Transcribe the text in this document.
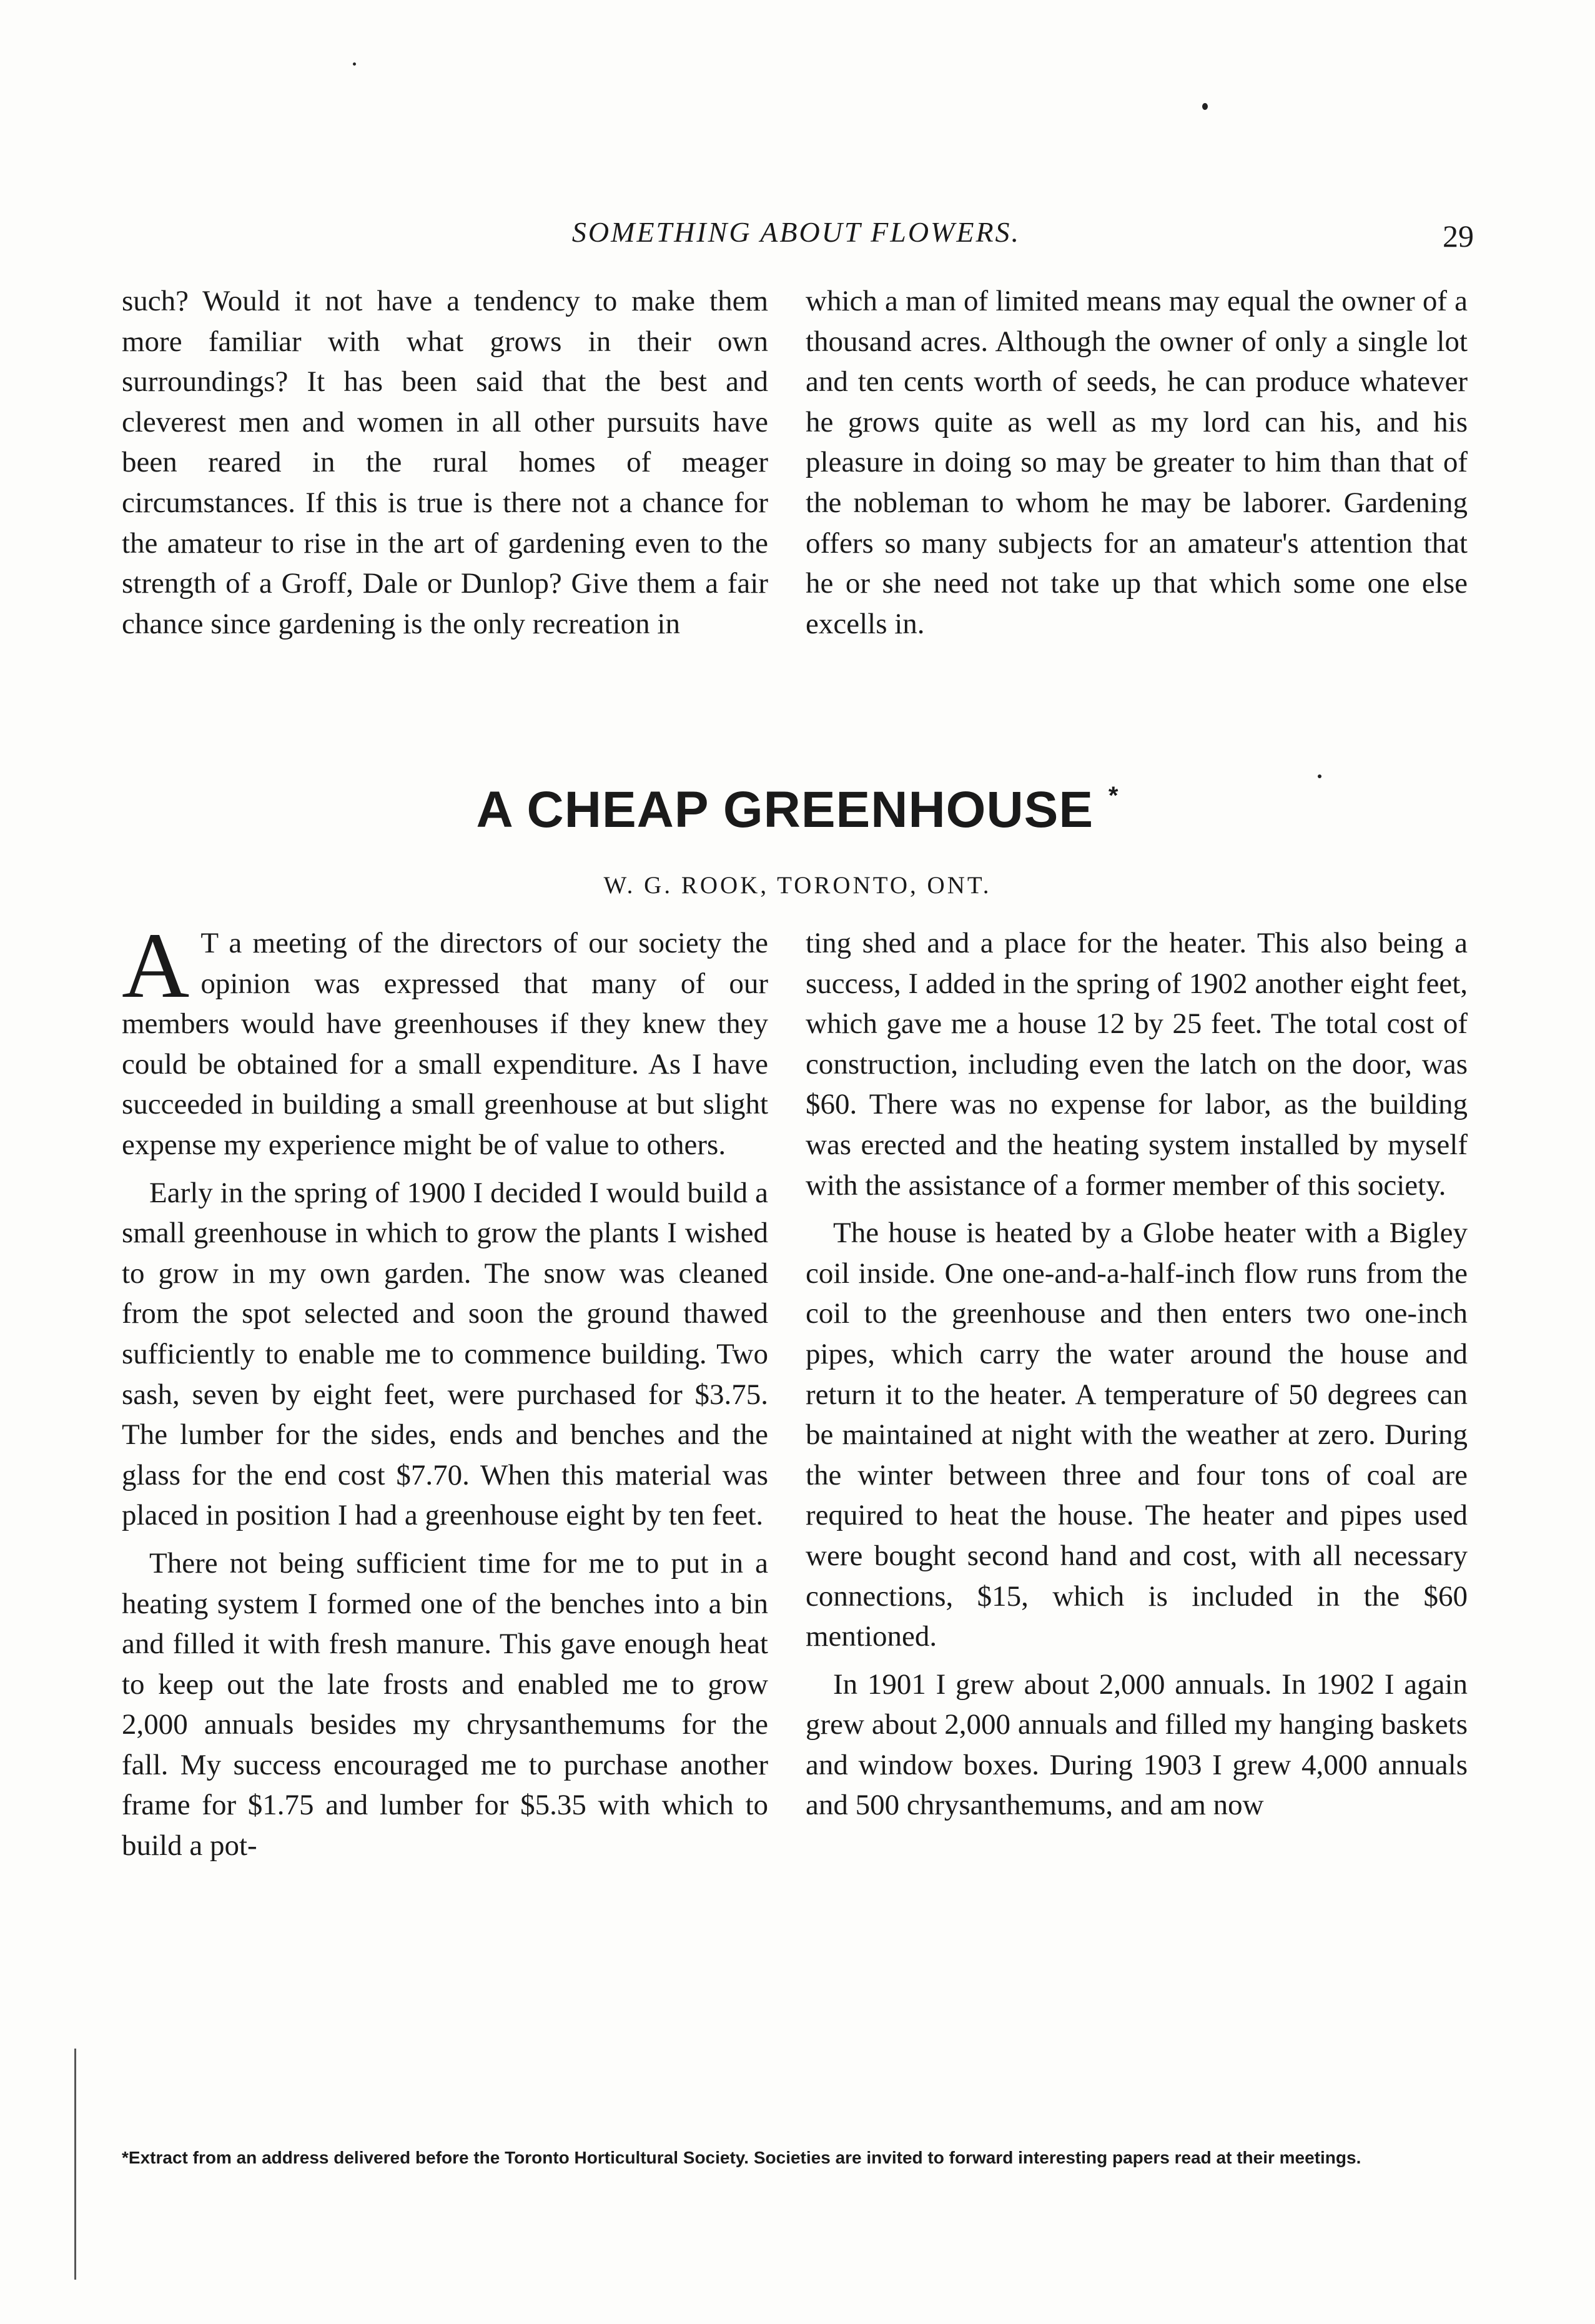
SOMETHING ABOUT FLOWERS.	29

such? Would it not have a tendency to make them more familiar with what grows in their own surroundings? It has been said that the best and cleverest men and women in all other pursuits have been reared in the rural homes of meager circumstances. If this is true is there not a chance for the amateur to rise in the art of gardening even to the strength of a Groff, Dale or Dunlop? Give them a fair chance since gardening is the only recreation in

which a man of limited means may equal the owner of a thousand acres. Although the owner of only a single lot and ten cents worth of seeds, he can produce whatever he grows quite as well as my lord can his, and his pleasure in doing so may be greater to him than that of the nobleman to whom he may be laborer. Gardening offers so many subjects for an amateur's attention that he or she need not take up that which some one else excells in.

A CHEAP GREENHOUSE *
W. G. ROOK, TORONTO, ONT.

A T a meeting of the directors of our society the opinion was expressed that many of our members would have greenhouses if they knew they could be obtained for a small expenditure. As I have succeeded in building a small greenhouse at but slight expense my experience might be of value to others.

Early in the spring of 1900 I decided I would build a small greenhouse in which to grow the plants I wished to grow in my own garden. The snow was cleaned from the spot selected and soon the ground thawed sufficiently to enable me to commence building. Two sash, seven by eight feet, were purchased for $3.75. The lumber for the sides, ends and benches and the glass for the end cost $7.70. When this material was placed in position I had a greenhouse eight by ten feet.

There not being sufficient time for me to put in a heating system I formed one of the benches into a bin and filled it with fresh manure. This gave enough heat to keep out the late frosts and enabled me to grow 2,000 annuals besides my chrysanthemums for the fall. My success encouraged me to purchase another frame for $1.75 and lumber for $5.35 with which to build a pot-

ting shed and a place for the heater. This also being a success, I added in the spring of 1902 another eight feet, which gave me a house 12 by 25 feet. The total cost of construction, including even the latch on the door, was $60. There was no expense for labor, as the building was erected and the heating system installed by myself with the assistance of a former member of this society.

The house is heated by a Globe heater with a Bigley coil inside. One one-and-a-half-inch flow runs from the coil to the greenhouse and then enters two one-inch pipes, which carry the water around the house and return it to the heater. A temperature of 50 degrees can be maintained at night with the weather at zero. During the winter between three and four tons of coal are required to heat the house. The heater and pipes used were bought second hand and cost, with all necessary connections, $15, which is included in the $60 mentioned.

In 1901 I grew about 2,000 annuals. In 1902 I again grew about 2,000 annuals and filled my hanging baskets and window boxes. During 1903 I grew 4,000 annuals and 500 chrysanthemums, and am now

*Extract from an address delivered before the Toronto Horticultural Society. Societies are invited to forward interesting papers read at their meetings.
